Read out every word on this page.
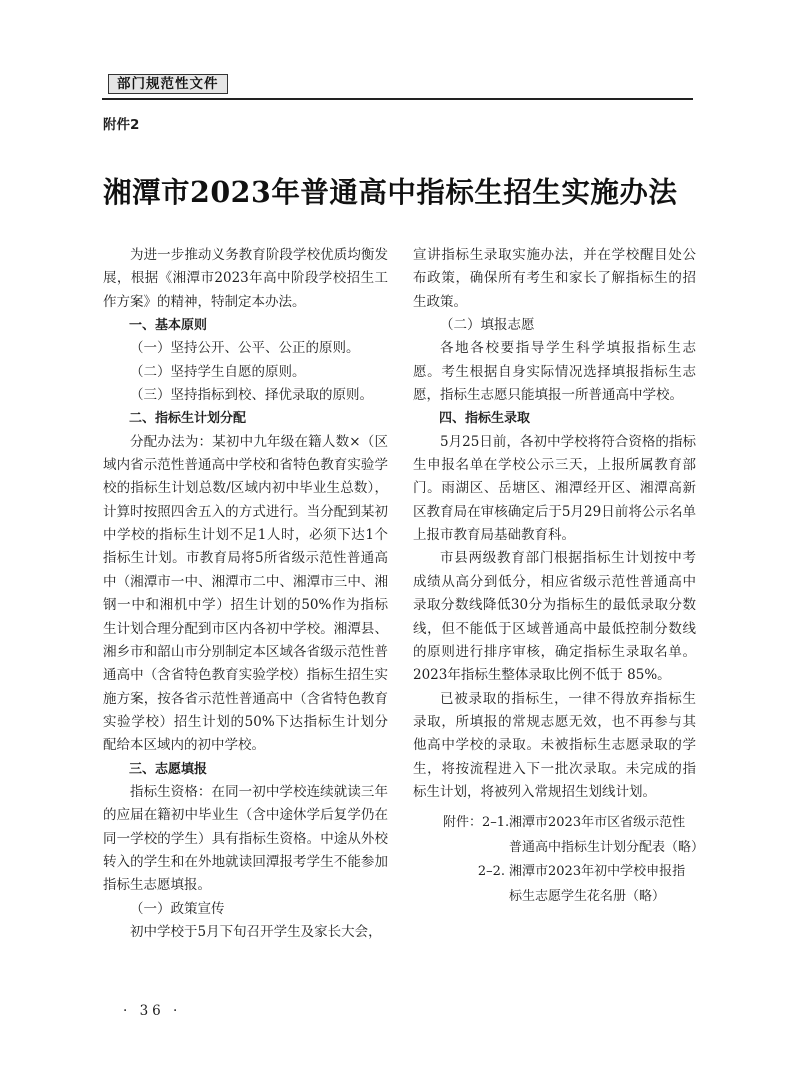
部门规范性文件
附件2
湘潭市2023年普通高中指标生招生实施办法

为进一步推动义务教育阶段学校优质均衡发展，根据《湘潭市2023年高中阶段学校招生工作方案》的精神，特制定本办法。

一、基本原则

（一）坚持公开、公平、公正的原则。

（二）坚持学生自愿的原则。

（三）坚持指标到校、择优录取的原则。

二、指标生计划分配

分配办法为：某初中九年级在籍人数×（区域内省示范性普通高中学校和省特色教育实验学校的指标生计划总数/区域内初中毕业生总数），计算时按照四舍五入的方式进行。当分配到某初中学校的指标生计划不足1人时，必须下达1个指标生计划。市教育局将5所省级示范性普通高中（湘潭市一中、湘潭市二中、湘潭市三中、湘钢一中和湘机中学）招生计划的50%作为指标生计划合理分配到市区内各初中学校。湘潭县、湘乡市和韶山市分别制定本区域各省级示范性普通高中（含省特色教育实验学校）指标生招生实施方案，按各省示范性普通高中（含省特色教育实验学校）招生计划的50%下达指标生计划分配给本区域内的初中学校。

三、志愿填报

指标生资格：在同一初中学校连续就读三年的应届在籍初中毕业生（含中途休学后复学仍在同一学校的学生）具有指标生资格。中途从外校转入的学生和在外地就读回潭报考学生不能参加指标生志愿填报。

（一）政策宣传

初中学校于5月下旬召开学生及家长大会，

宣讲指标生录取实施办法，并在学校醒目处公布政策，确保所有考生和家长了解指标生的招生政策。

（二）填报志愿

各地各校要指导学生科学填报指标生志愿。考生根据自身实际情况选择填报指标生志愿，指标生志愿只能填报一所普通高中学校。

四、指标生录取

5月25日前，各初中学校将符合资格的指标生申报名单在学校公示三天，上报所属教育部门。雨湖区、岳塘区、湘潭经开区、湘潭高新区教育局在审核确定后于5月29日前将公示名单上报市教育局基础教育科。

市县两级教育部门根据指标生计划按中考成绩从高分到低分，相应省级示范性普通高中录取分数线降低30分为指标生的最低录取分数线，但不能低于区域普通高中最低控制分数线的原则进行排序审核，确定指标生录取名单。2023年指标生整体录取比例不低于 85%。

已被录取的指标生，一律不得放弃指标生录取，所填报的常规志愿无效，也不再参与其他高中学校的录取。未被指标生志愿录取的学生，将按流程进入下一批次录取。未完成的指标生计划，将被列入常规招生划线计划。

附件：2–1. 湘潭市2023年市区省级示范性普通高中指标生计划分配表（略）
2–2. 湘潭市2023年初中学校申报指标生志愿学生花名册（略）
· 36 ·
